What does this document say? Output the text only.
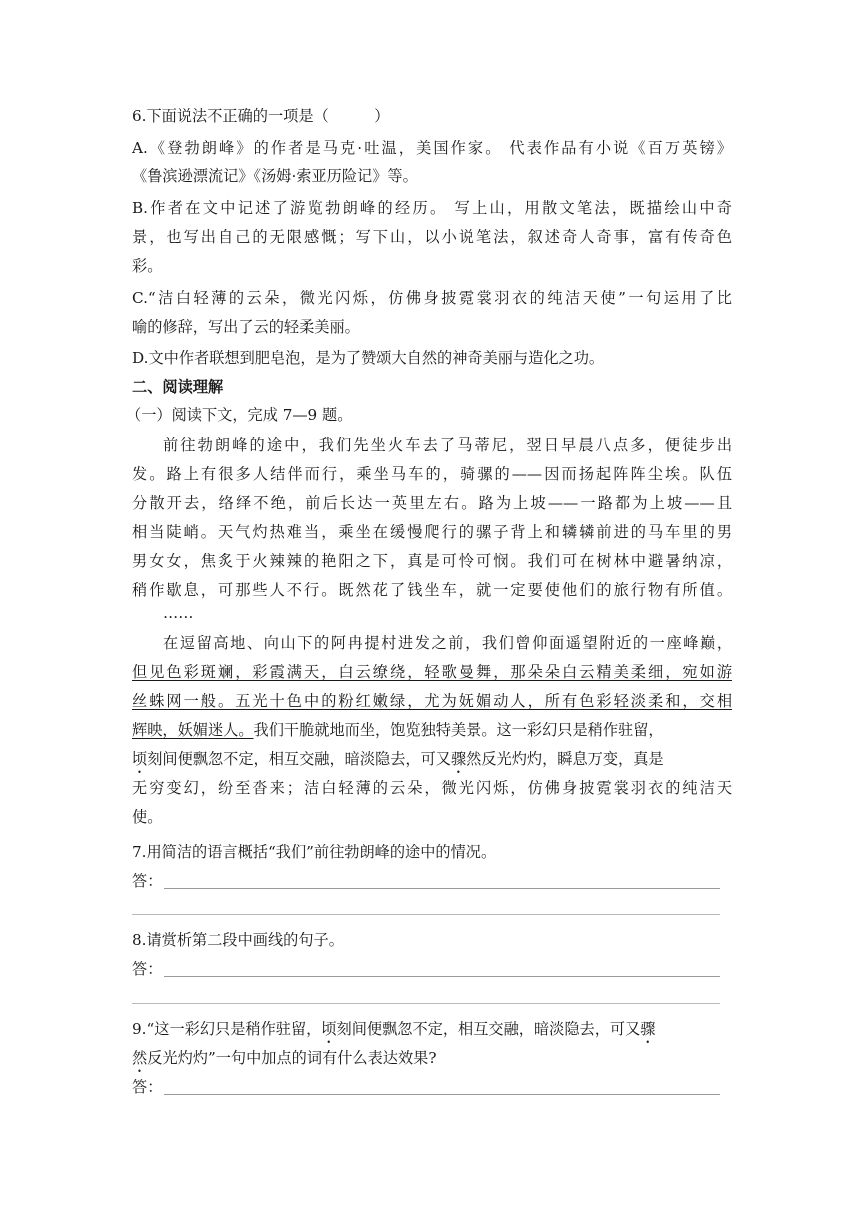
6.下面说法不正确的一项是（　　　）
A.《登勃朗峰》的作者是马克·吐温，美国作家。 代表作品有小说《百万英镑》
《鲁滨逊漂流记》《汤姆·索亚历险记》等。
B.作者在文中记述了游览勃朗峰的经历。 写上山，用散文笔法，既描绘山中奇
景，也写出自己的无限感慨；写下山，以小说笔法，叙述奇人奇事，富有传奇色
彩。
C.“洁白轻薄的云朵，微光闪烁，仿佛身披霓裳羽衣的纯洁天使”一句运用了比
喻的修辞，写出了云的轻柔美丽。
D.文中作者联想到肥皂泡，是为了赞颂大自然的神奇美丽与造化之功。
二、阅读理解
（一）阅读下文，完成 7—9 题。
前往勃朗峰的途中，我们先坐火车去了马蒂尼，翌日早晨八点多，便徒步出
发。路上有很多人结伴而行，乘坐马车的，骑骡的——因而扬起阵阵尘埃。队伍
分散开去，络绎不绝，前后长达一英里左右。路为上坡——一路都为上坡——且
相当陡峭。天气灼热难当，乘坐在缓慢爬行的骡子背上和辚辚前进的马车里的男
男女女，焦炙于火辣辣的艳阳之下，真是可怜可悯。我们可在树林中避暑纳凉，
稍作歇息，可那些人不行。既然花了钱坐车，就一定要使他们的旅行物有所值。
……
在逗留高地、向山下的阿冉提村进发之前，我们曾仰面遥望附近的一座峰巅，
但见色彩斑斓，彩霞满天，白云缭绕，轻歌曼舞，那朵朵白云精美柔细，宛如游
丝蛛网一般。五光十色中的粉红嫩绿，尤为妩媚动人，所有色彩轻淡柔和，交相
辉映，妖媚迷人。我们干脆就地而坐，饱览独特美景。这一彩幻只是稍作驻留，
顷刻间便飘忽不定，相互交融，暗淡隐去，可又骤然反光灼灼，瞬息万变，真是
无穷变幻，纷至沓来；洁白轻薄的云朵，微光闪烁，仿佛身披霓裳羽衣的纯洁天
使。
7.用简洁的语言概括“我们”前往勃朗峰的途中的情况。
答：
8.请赏析第二段中画线的句子。
答：
9.“这一彩幻只是稍作驻留，顷刻间便飘忽不定，相互交融，暗淡隐去，可又骤
然反光灼灼”一句中加点的词有什么表达效果?
答：
